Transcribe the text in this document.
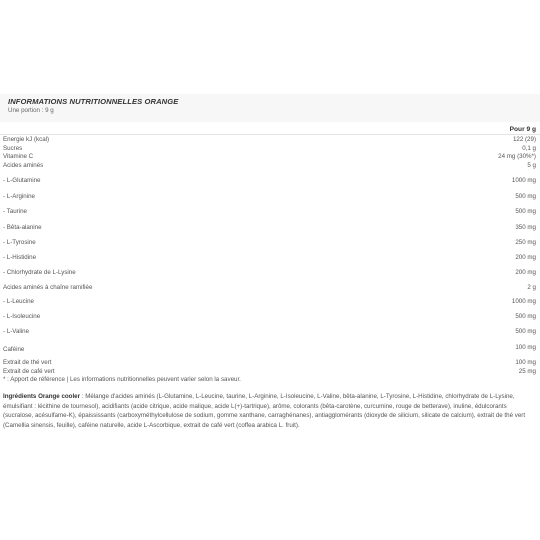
INFORMATIONS NUTRITIONNELLES ORANGE
Une portion : 9 g
Pour 9 g
Energie kJ (kcal)	122 (29)
Sucres	0,1 g
Vitamine C	24 mg (30%*)
Acides aminés	5 g
- L-Glutamine	1000 mg
- L-Arginine	500 mg
- Taurine	500 mg
- Bêta-alanine	350 mg
- L-Tyrosine	250 mg
- L-Histidine	200 mg
- Chlorhydrate de L-Lysine	200 mg
Acides aminés à chaîne ramifiée	2 g
- L-Leucine	1000 mg
- L-Isoleucine	500 mg
- L-Valine	500 mg
Caféine	100 mg
Extrait de thé vert	100 mg
Extrait de café vert	25 mg
* : Apport de référence | Les informations nutritionnelles peuvent varier selon la saveur.
Ingrédients Orange cooler : Mélange d'acides aminés (L-Glutamine, L-Leucine, taurine, L-Arginine, L-Isoleucine, L-Valine, bêta-alanine, L-Tyrosine, L-Histidine, chlorhydrate de L-Lysine, émulsifiant : lécithine de tournesol), acidifiants (acide citrique, acide malique, acide L(+)-tartrique), arôme, colorants (bêta-carotène, curcumine, rouge de betterave), inuline, édulcorants (sucralose, acésulfame-K), épaississants (carboxyméthylcellulose de sodium, gomme xanthane, carraghénanes), antiagglomérants (dioxyde de silicium, silicate de calcium), extrait de thé vert (Camellia sinensis, feuille), caféine naturelle, acide L-Ascorbique, extrait de café vert (coffea arabica L. fruit).
